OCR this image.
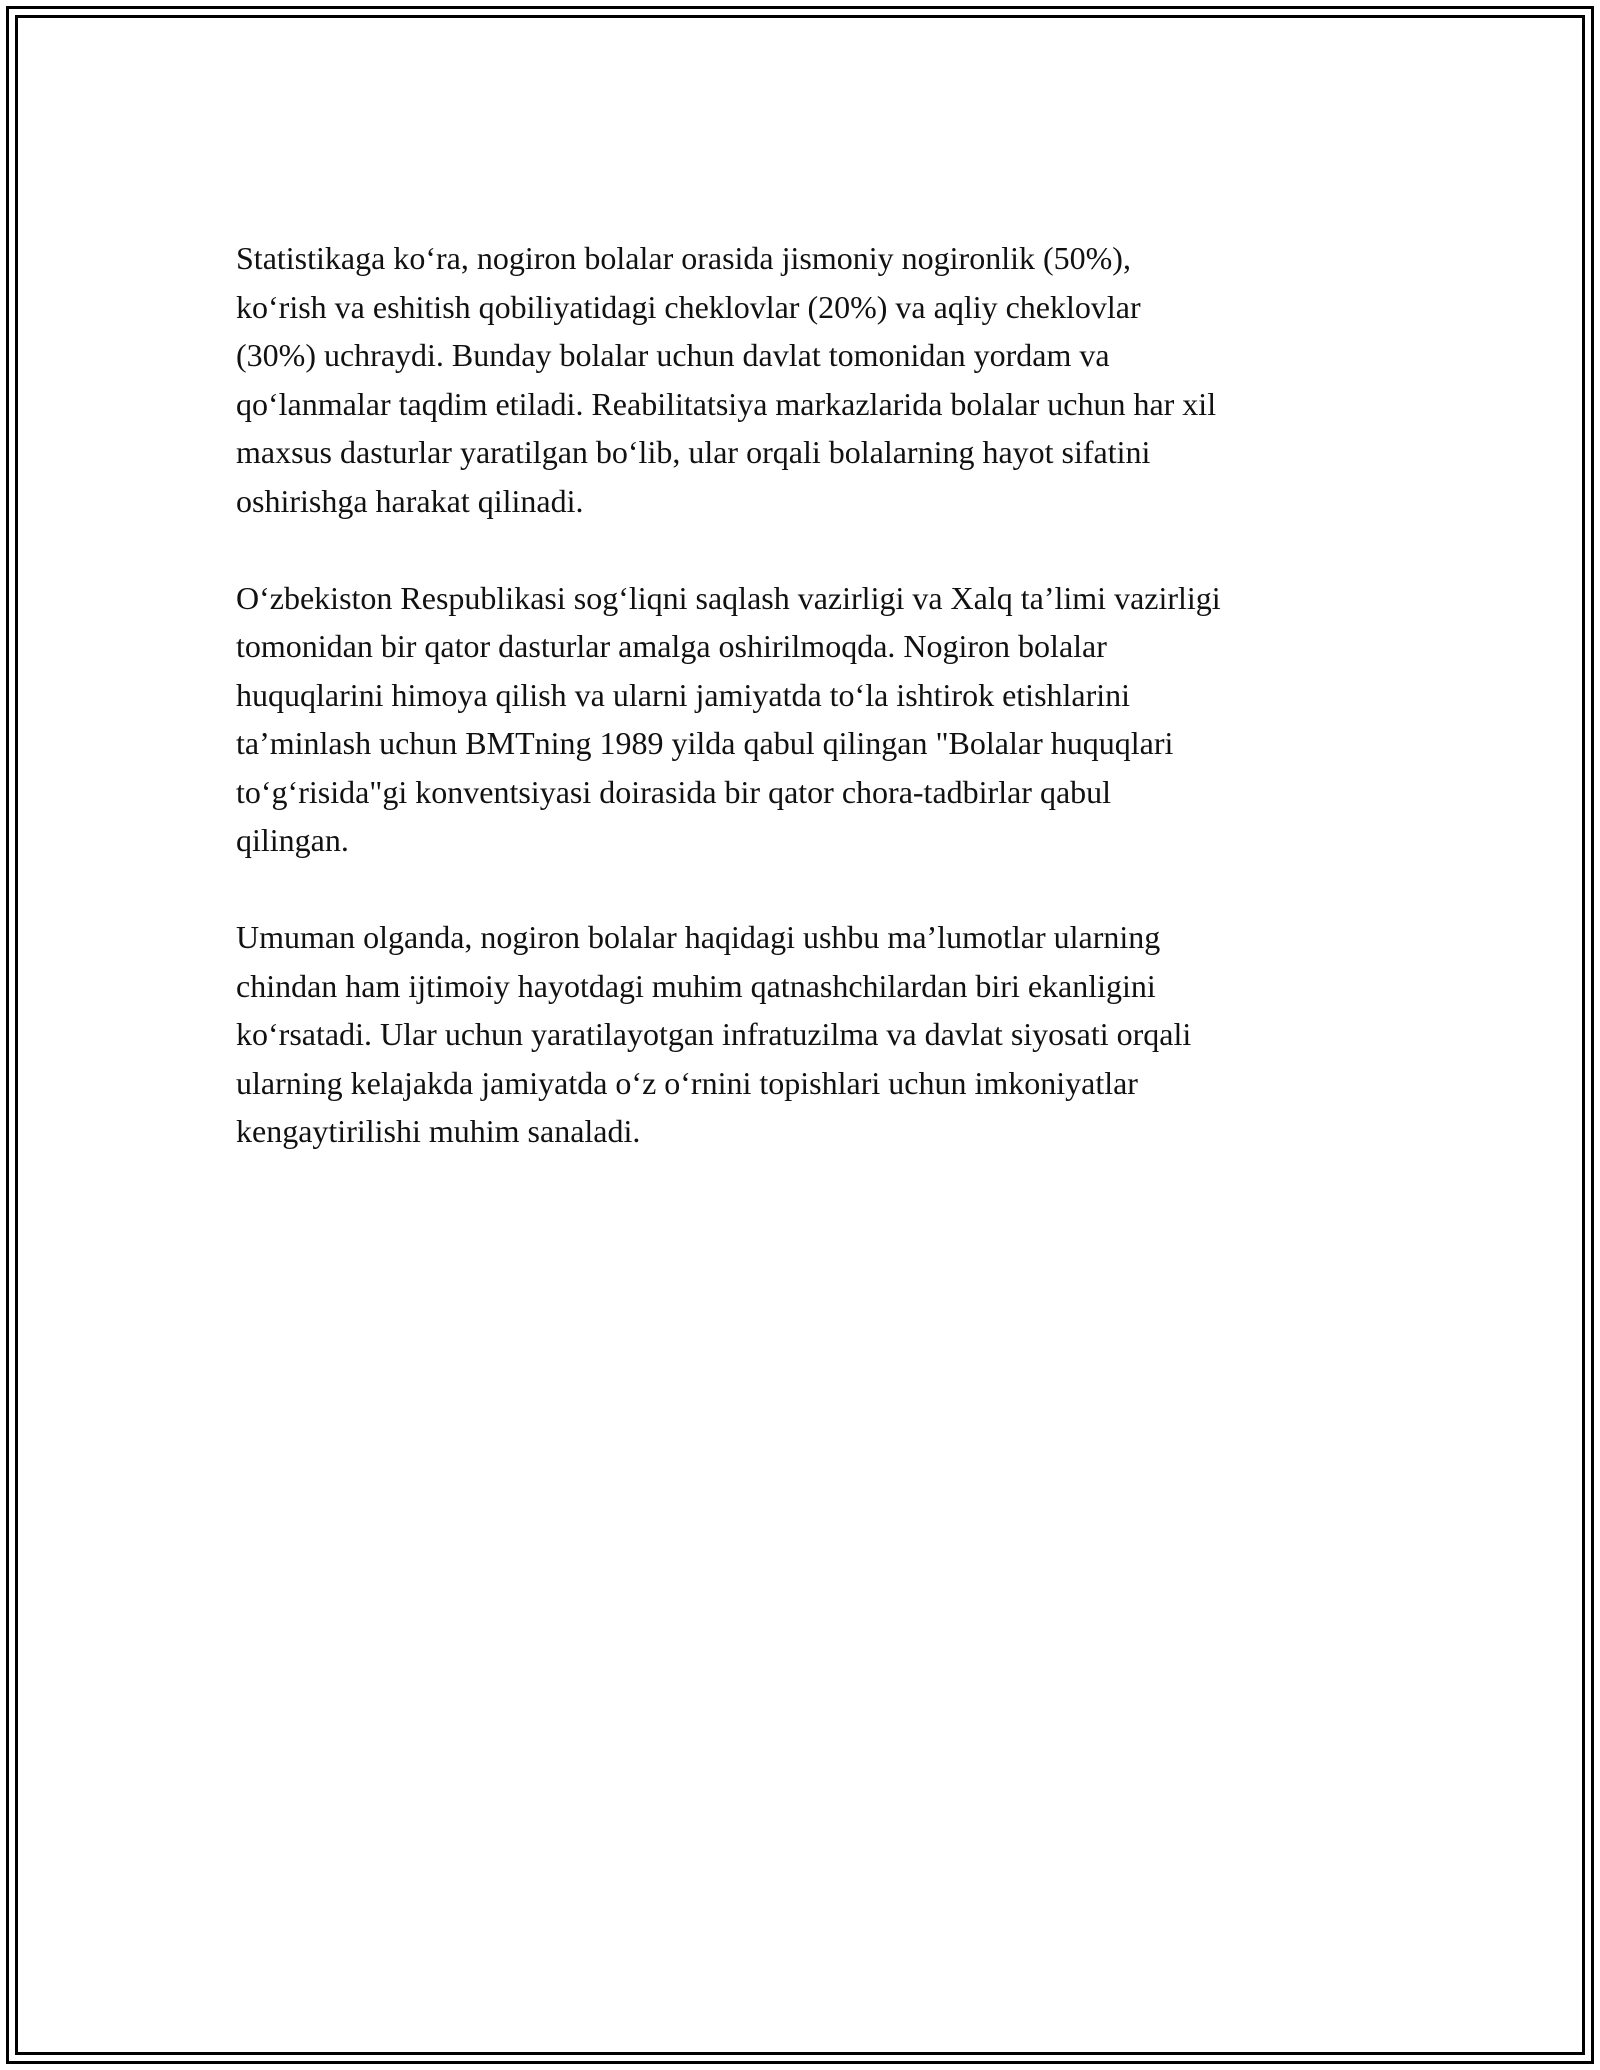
Statistikaga koʻra, nogiron bolalar orasida jismoniy nogironlik (50%),
koʻrish va eshitish qobiliyatidagi cheklovlar (20%) va aqliy cheklovlar
(30%) uchraydi. Bunday bolalar uchun davlat tomonidan yordam va
qoʻlanmalar taqdim etiladi. Reabilitatsiya markazlarida bolalar uchun har xil
maxsus dasturlar yaratilgan boʻlib, ular orqali bolalarning hayot sifatini
oshirishga harakat qilinadi.

Oʻzbekiston Respublikasi sogʻliqni saqlash vazirligi va Xalq taʼlimi vazirligi
tomonidan bir qator dasturlar amalga oshirilmoqda. Nogiron bolalar
huquqlarini himoya qilish va ularni jamiyatda toʻla ishtirok etishlarini
taʼminlash uchun BMTning 1989 yilda qabul qilingan "Bolalar huquqlari
toʻgʻrisida"gi konventsiyasi doirasida bir qator chora-tadbirlar qabul
qilingan.

Umuman olganda, nogiron bolalar haqidagi ushbu maʼlumotlar ularning
chindan ham ijtimoiy hayotdagi muhim qatnashchilardan biri ekanligini
koʻrsatadi. Ular uchun yaratilayotgan infratuzilma va davlat siyosati orqali
ularning kelajakda jamiyatda oʻz oʻrnini topishlari uchun imkoniyatlar
kengaytirilishi muhim sanaladi.
